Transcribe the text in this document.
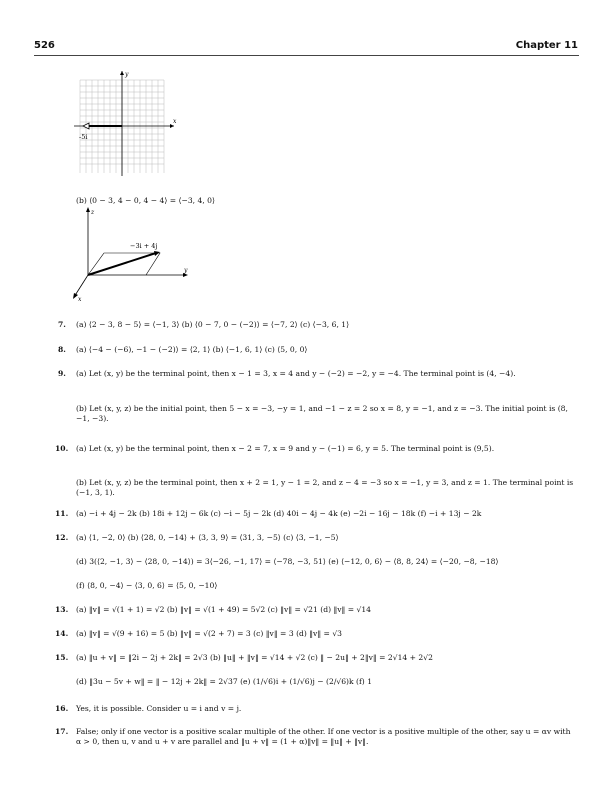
526	Chapter 11
y
x
-5i
(b) ⟨0 − 3, 4 − 0, 4 − 4⟩ = ⟨−3, 4, 0⟩
z
y
x
−3i + 4j
7. (a) ⟨2 − 3, 8 − 5⟩ = ⟨−1, 3⟩ (b) ⟨0 − 7, 0 − (−2)⟩ = ⟨−7, 2⟩ (c) ⟨−3, 6, 1⟩
8. (a) ⟨−4 − (−6), −1 − (−2)⟩ = ⟨2, 1⟩ (b) ⟨−1, 6, 1⟩ (c) ⟨5, 0, 0⟩
9. (a) Let (x, y) be the terminal point, then x − 1 = 3, x = 4 and y − (−2) = −2, y = −4. The terminal point is (4, −4).
(b) Let (x, y, z) be the initial point, then 5 − x = −3, −y = 1, and −1 − z = 2 so x = 8, y = −1, and z = −3. The initial point is (8, −1, −3).
10. (a) Let (x, y) be the terminal point, then x − 2 = 7, x = 9 and y − (−1) = 6, y = 5. The terminal point is (9,5).
(b) Let (x, y, z) be the terminal point, then x + 2 = 1, y − 1 = 2, and z − 4 = −3 so x = −1, y = 3, and z = 1. The terminal point is (−1, 3, 1).
11. (a) −i + 4j − 2k (b) 18i + 12j − 6k (c) −i − 5j − 2k (d) 40i − 4j − 4k (e) −2i − 16j − 18k (f) −i + 13j − 2k
12. (a) ⟨1, −2, 0⟩ (b) ⟨28, 0, −14⟩ + ⟨3, 3, 9⟩ = ⟨31, 3, −5⟩ (c) ⟨3, −1, −5⟩
(d) 3(⟨2, −1, 3⟩ − ⟨28, 0, −14⟩) = 3⟨−26, −1, 17⟩ = ⟨−78, −3, 51⟩ (e) ⟨−12, 0, 6⟩ − ⟨8, 8, 24⟩ = ⟨−20, −8, −18⟩
(f) ⟨8, 0, −4⟩ − ⟨3, 0, 6⟩ = ⟨5, 0, −10⟩
13. (a) ‖v‖ = √(1 + 1) = √2 (b) ‖v‖ = √(1 + 49) = 5√2 (c) ‖v‖ = √21 (d) ‖v‖ = √14
14. (a) ‖v‖ = √(9 + 16) = 5 (b) ‖v‖ = √(2 + 7) = 3 (c) ‖v‖ = 3 (d) ‖v‖ = √3
15. (a) ‖u + v‖ = ‖2i − 2j + 2k‖ = 2√3 (b) ‖u‖ + ‖v‖ = √14 + √2 (c) ‖ − 2u‖ + 2‖v‖ = 2√14 + 2√2
(d) ‖3u − 5v + w‖ = ‖ − 12j + 2k‖ = 2√37 (e) (1/√6)i + (1/√6)j − (2/√6)k (f) 1
16. Yes, it is possible. Consider u = i and v = j.
17. False; only if one vector is a positive scalar multiple of the other. If one vector is a positive multiple of the other, say u = αv with α > 0, then u, v and u + v are parallel and ‖u + v‖ = (1 + α)‖v‖ = ‖u‖ + ‖v‖.
